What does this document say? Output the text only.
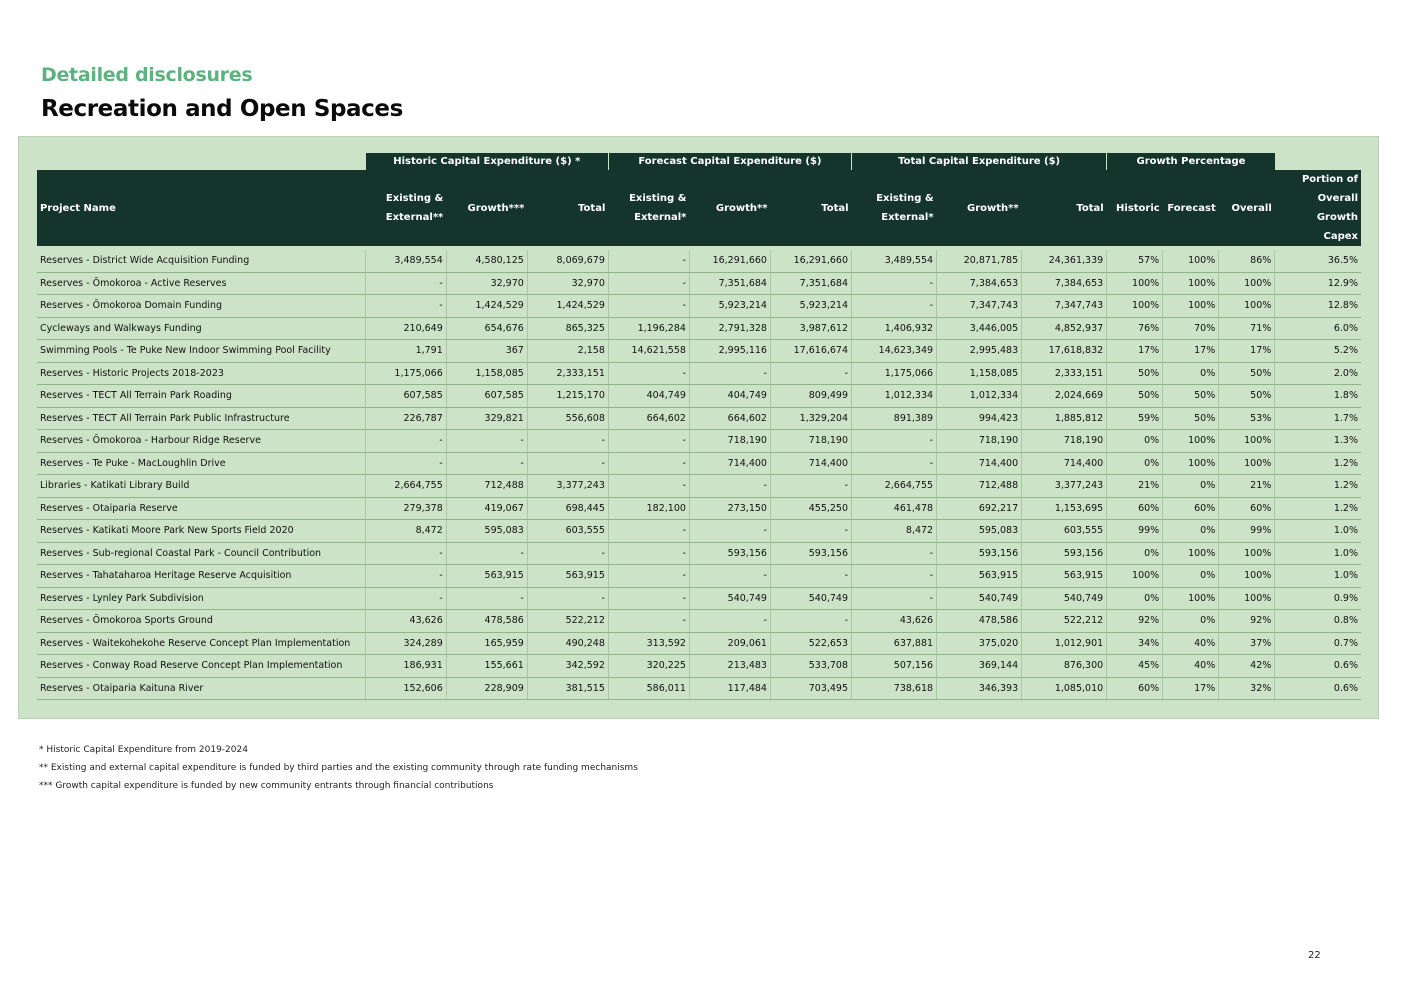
Detailed disclosures
Recreation and Open Spaces
	Historic Capital Expenditure ($) *			Forecast Capital Expenditure ($)			Total Capital Expenditure ($)			Growth Percentage			
Project Name	Existing &
External**	Growth***	Total	Existing &
External*	Growth**	Total	Existing &
External*	Growth**	Total	Historic	Forecast	Overall	Portion of
Overall Growth
Capex

Reserves - District Wide Acquisition Funding	3,489,554	4,580,125	8,069,679	-	16,291,660	16,291,660	3,489,554	20,871,785	24,361,339	57%	100%	86%	36.5%
Reserves - Ōmokoroa - Active Reserves	-	32,970	32,970	-	7,351,684	7,351,684	-	7,384,653	7,384,653	100%	100%	100%	12.9%
Reserves - Ōmokoroa Domain Funding	-	1,424,529	1,424,529	-	5,923,214	5,923,214	-	7,347,743	7,347,743	100%	100%	100%	12.8%
Cycleways and Walkways Funding	210,649	654,676	865,325	1,196,284	2,791,328	3,987,612	1,406,932	3,446,005	4,852,937	76%	70%	71%	6.0%
Swimming Pools - Te Puke New Indoor Swimming Pool Facility	1,791	367	2,158	14,621,558	2,995,116	17,616,674	14,623,349	2,995,483	17,618,832	17%	17%	17%	5.2%
Reserves - Historic Projects 2018-2023	1,175,066	1,158,085	2,333,151	-	-	-	1,175,066	1,158,085	2,333,151	50%	0%	50%	2.0%
Reserves - TECT All Terrain Park Roading	607,585	607,585	1,215,170	404,749	404,749	809,499	1,012,334	1,012,334	2,024,669	50%	50%	50%	1.8%
Reserves - TECT All Terrain Park Public Infrastructure	226,787	329,821	556,608	664,602	664,602	1,329,204	891,389	994,423	1,885,812	59%	50%	53%	1.7%
Reserves - Ōmokoroa - Harbour Ridge Reserve	-	-	-	-	718,190	718,190	-	718,190	718,190	0%	100%	100%	1.3%
Reserves - Te Puke - MacLoughlin Drive	-	-	-	-	714,400	714,400	-	714,400	714,400	0%	100%	100%	1.2%
Libraries - Katikati Library Build	2,664,755	712,488	3,377,243	-	-	-	2,664,755	712,488	3,377,243	21%	0%	21%	1.2%
Reserves - Otaiparia Reserve	279,378	419,067	698,445	182,100	273,150	455,250	461,478	692,217	1,153,695	60%	60%	60%	1.2%
Reserves - Katikati Moore Park New Sports Field 2020	8,472	595,083	603,555	-	-	-	8,472	595,083	603,555	99%	0%	99%	1.0%
Reserves - Sub-regional Coastal Park - Council Contribution	-	-	-	-	593,156	593,156	-	593,156	593,156	0%	100%	100%	1.0%
Reserves - Tahataharoa Heritage Reserve Acquisition	-	563,915	563,915	-	-	-	-	563,915	563,915	100%	0%	100%	1.0%
Reserves - Lynley Park Subdivision	-	-	-	-	540,749	540,749	-	540,749	540,749	0%	100%	100%	0.9%
Reserves - Ōmokoroa Sports Ground	43,626	478,586	522,212	-	-	-	43,626	478,586	522,212	92%	0%	92%	0.8%
Reserves - Waitekohekohe Reserve Concept Plan Implementation	324,289	165,959	490,248	313,592	209,061	522,653	637,881	375,020	1,012,901	34%	40%	37%	0.7%
Reserves - Conway Road Reserve Concept Plan Implementation	186,931	155,661	342,592	320,225	213,483	533,708	507,156	369,144	876,300	45%	40%	42%	0.6%
Reserves - Otaiparia Kaituna River	152,606	228,909	381,515	586,011	117,484	703,495	738,618	346,393	1,085,010	60%	17%	32%	0.6%
* Historic Capital Expenditure from 2019-2024
** Existing and external capital expenditure is funded by third parties and the existing community through rate funding mechanisms
*** Growth capital expenditure is funded by new community entrants through financial contributions
22
